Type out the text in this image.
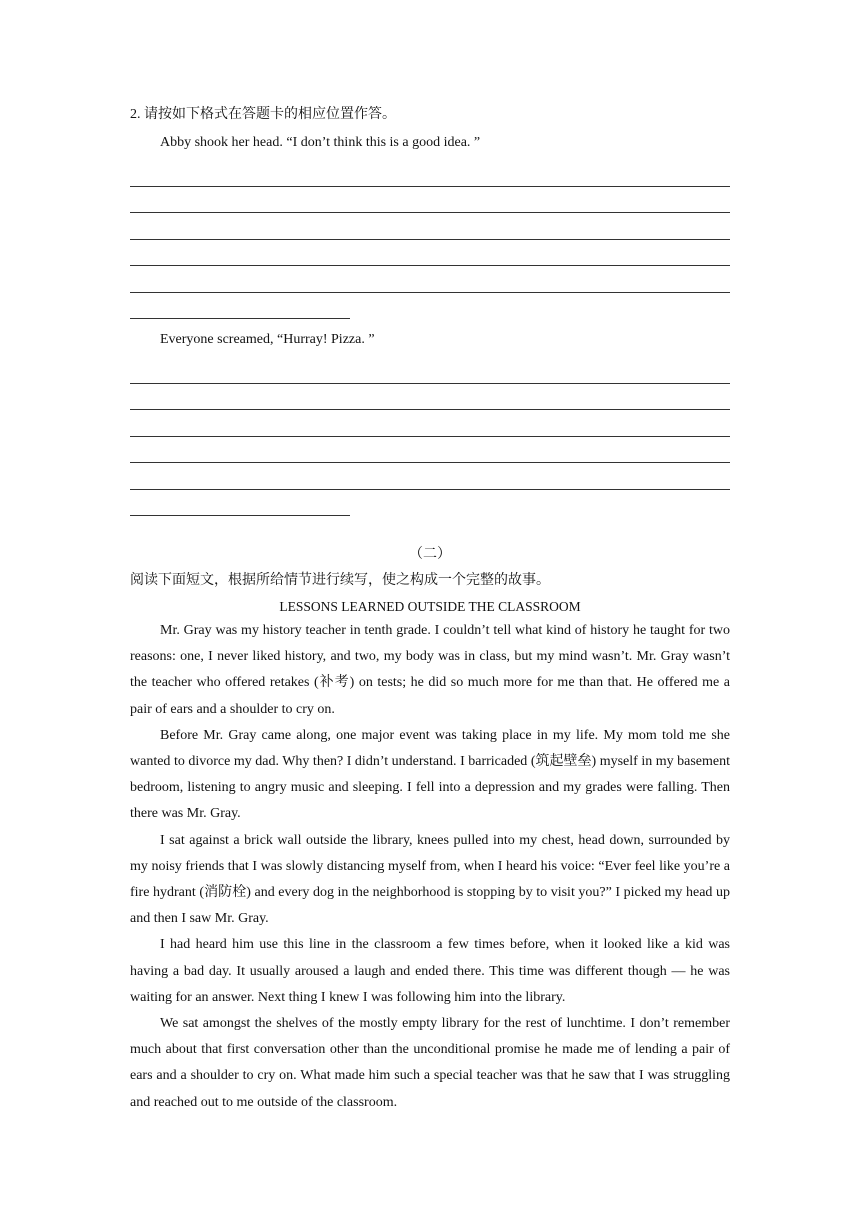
2. 请按如下格式在答题卡的相应位置作答。
Abby shook her head. “I don’t think this is a good idea. ”
Everyone screamed, “Hurray! Pizza. ”
（二）
阅读下面短文，根据所给情节进行续写，使之构成一个完整的故事。
LESSONS LEARNED OUTSIDE THE CLASSROOM

Mr. Gray was my history teacher in tenth grade. I couldn’t tell what kind of history he taught for two reasons: one, I never liked history, and two, my body was in class, but my mind wasn’t. Mr. Gray wasn’t the teacher who offered retakes (补考) on tests; he did so much more for me than that. He offered me a pair of ears and a shoulder to cry on.

Before Mr. Gray came along, one major event was taking place in my life. My mom told me she wanted to divorce my dad. Why then? I didn’t understand. I barricaded (筑起壁垒) myself in my basement bedroom, listening to angry music and sleeping. I fell into a depression and my grades were falling. Then there was Mr. Gray.

I sat against a brick wall outside the library, knees pulled into my chest, head down, surrounded by my noisy friends that I was slowly distancing myself from, when I heard his voice: “Ever feel like you’re a fire hydrant (消防栓) and every dog in the neighborhood is stopping by to visit you?” I picked my head up and then I saw Mr. Gray.

I had heard him use this line in the classroom a few times before, when it looked like a kid was having a bad day. It usually aroused a laugh and ended there. This time was different though — he was waiting for an answer. Next thing I knew I was following him into the library.

We sat amongst the shelves of the mostly empty library for the rest of lunchtime. I don’t remember much about that first conversation other than the unconditional promise he made me of lending a pair of ears and a shoulder to cry on. What made him such a special teacher was that he saw that I was struggling and reached out to me outside of the classroom.
